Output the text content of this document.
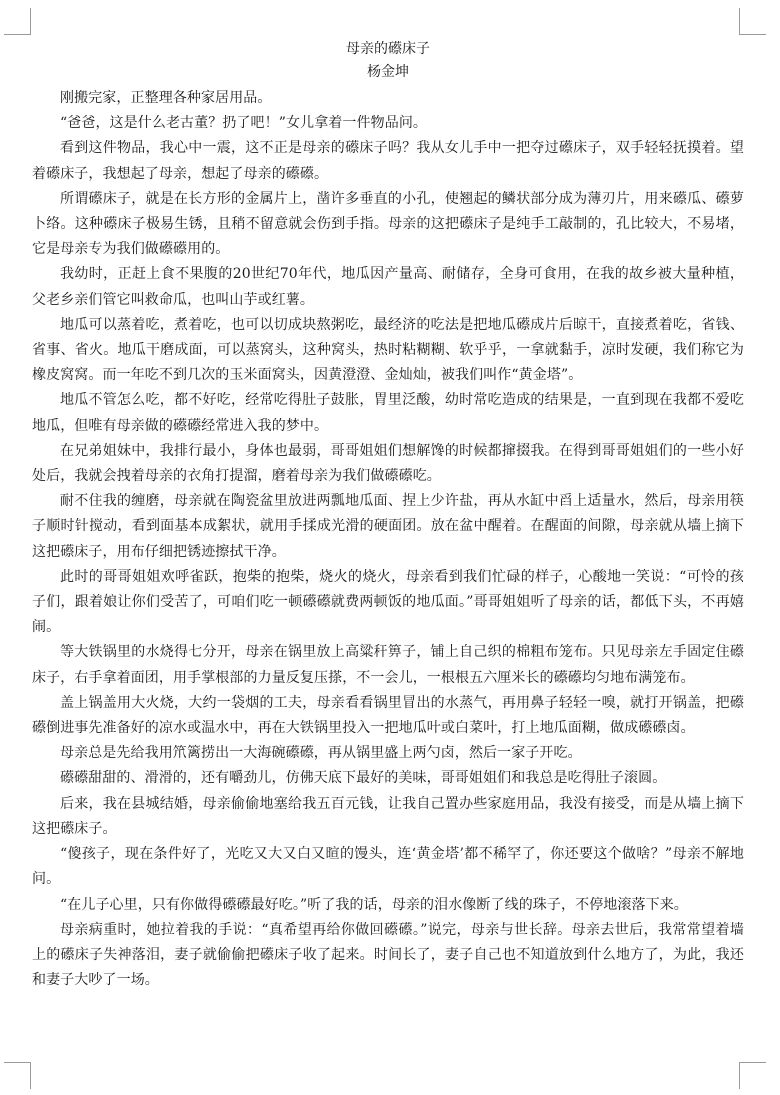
母亲的礤床子
杨金坤

刚搬完家，正整理各种家居用品。

“爸爸，这是什么老古董？扔了吧！”女儿拿着一件物品问。

看到这件物品，我心中一震，这不正是母亲的礤床子吗？我从女儿手中一把夺过礤床子，双手轻轻抚摸着。望着礤床子，我想起了母亲，想起了母亲的礤礤。

所谓礤床子，就是在长方形的金属片上，凿许多垂直的小孔，使翘起的鳞状部分成为薄刃片，用来礤瓜、礤萝卜络。这种礤床子极易生锈，且稍不留意就会伤到手指。母亲的这把礤床子是纯手工敲制的，孔比较大，不易堵，它是母亲专为我们做礤礤用的。

我幼时，正赶上食不果腹的20世纪70年代，地瓜因产量高、耐储存，全身可食用，在我的故乡被大量种植，父老乡亲们管它叫救命瓜，也叫山芋或红薯。

地瓜可以蒸着吃，煮着吃，也可以切成块熬粥吃，最经济的吃法是把地瓜礤成片后晾干，直接煮着吃，省钱、省事、省火。地瓜干磨成面，可以蒸窝头，这种窝头，热时粘糊糊、软乎乎，一拿就黏手，凉时发硬，我们称它为橡皮窝窝。而一年吃不到几次的玉米面窝头，因黄澄澄、金灿灿，被我们叫作“黄金塔”。

地瓜不管怎么吃，都不好吃，经常吃得肚子鼓胀，胃里泛酸，幼时常吃造成的结果是，一直到现在我都不爱吃地瓜，但唯有母亲做的礤礤经常进入我的梦中。

在兄弟姐妹中，我排行最小，身体也最弱，哥哥姐姐们想解馋的时候都撺掇我。在得到哥哥姐姐们的一些小好处后，我就会拽着母亲的衣角打提溜，磨着母亲为我们做礤礤吃。

耐不住我的缠磨，母亲就在陶瓷盆里放进两瓢地瓜面、捏上少许盐，再从水缸中舀上适量水，然后，母亲用筷子顺时针搅动，看到面基本成絮状，就用手揉成光滑的硬面团。放在盆中醒着。在醒面的间隙，母亲就从墙上摘下这把礤床子，用布仔细把锈迹擦拭干净。

此时的哥哥姐姐欢呼雀跃，抱柴的抱柴，烧火的烧火，母亲看到我们忙碌的样子，心酸地一笑说：“可怜的孩子们，跟着娘让你们受苦了，可咱们吃一顿礤礤就费两顿饭的地瓜面。”哥哥姐姐听了母亲的话，都低下头，不再嬉闹。

等大铁锅里的水烧得七分开，母亲在锅里放上高粱秆箅子，铺上自己织的棉粗布笼布。只见母亲左手固定住礤床子，右手拿着面团，用手掌根部的力量反复压搽，不一会儿，一根根五六厘米长的礤礤均匀地布满笼布。

盖上锅盖用大火烧，大约一袋烟的工夫，母亲看看锅里冒出的水蒸气，再用鼻子轻轻一嗅，就打开锅盖，把礤礤倒进事先准备好的凉水或温水中，再在大铁锅里投入一把地瓜叶或白菜叶，打上地瓜面糊，做成礤礤卤。

母亲总是先给我用笊篱捞出一大海碗礤礤，再从锅里盛上两勺卤，然后一家子开吃。

礤礤甜甜的、滑滑的，还有嚼劲儿，仿佛天底下最好的美味，哥哥姐姐们和我总是吃得肚子滚圆。

后来，我在县城结婚，母亲偷偷地塞给我五百元钱，让我自己置办些家庭用品，我没有接受，而是从墙上摘下这把礤床子。

“傻孩子，现在条件好了，光吃又大又白又暄的馒头，连‘黄金塔’都不稀罕了，你还要这个做啥？”母亲不解地问。

“在儿子心里，只有你做得礤礤最好吃。”听了我的话，母亲的泪水像断了线的珠子，不停地滚落下来。

母亲病重时，她拉着我的手说：“真希望再给你做回礤礤。”说完，母亲与世长辞。母亲去世后，我常常望着墙上的礤床子失神落泪，妻子就偷偷把礤床子收了起来。时间长了，妻子自己也不知道放到什么地方了，为此，我还和妻子大吵了一场。
